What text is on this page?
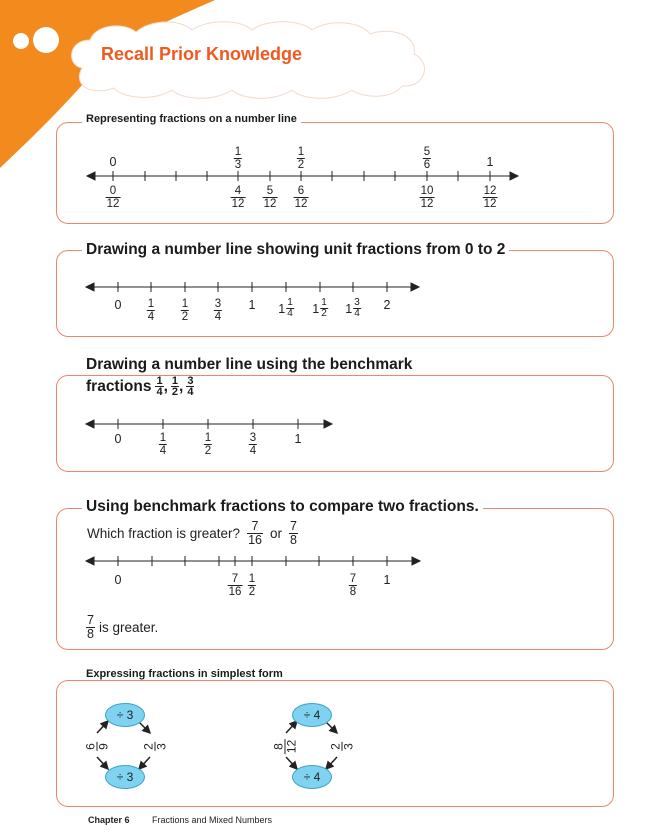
Recall Prior Knowledge
Representing fractions on a number line
0	1
$\frac{1}{3}$	$\frac{1}{2}$	$\frac{5}{6}$
$\frac{0}{12}$	$\frac{4}{12} \frac{5}{12} \frac{6}{12}$	$\frac{10}{12}$	$\frac{12}{12}$
Drawing a number line showing unit fractions from 0 to 2
$0 \frac{1}{4} \frac{1}{2} \frac{3}{4} 1$ $1 \frac{1}{4} 1 \frac{1}{2} 1 \frac{3}{4} 2$
Drawing a number line using the benchmark
fractions $\frac{1}{4}$ , $\frac{1}{2}$ , $\frac{3}{4}$
0	$\frac{1}{4}$	$\frac{1}{2}$	$\frac{3}{4}$	1
Using benchmark fractions to compare two fractions.
Which fraction is greater? $\frac{7}{16}$ or $\frac{7}{8}$
0	$\frac{7}{16} \frac{1}{2}$	$\frac{7}{8} 1$
$\frac{7}{8}$ is greater.
Expressing fractions in simplest form
÷ 3
÷ 3
6 9	2 3
÷ 4
÷ 4
8 12	2 3
Chapter 6 Fractions and Mixed Numbers
